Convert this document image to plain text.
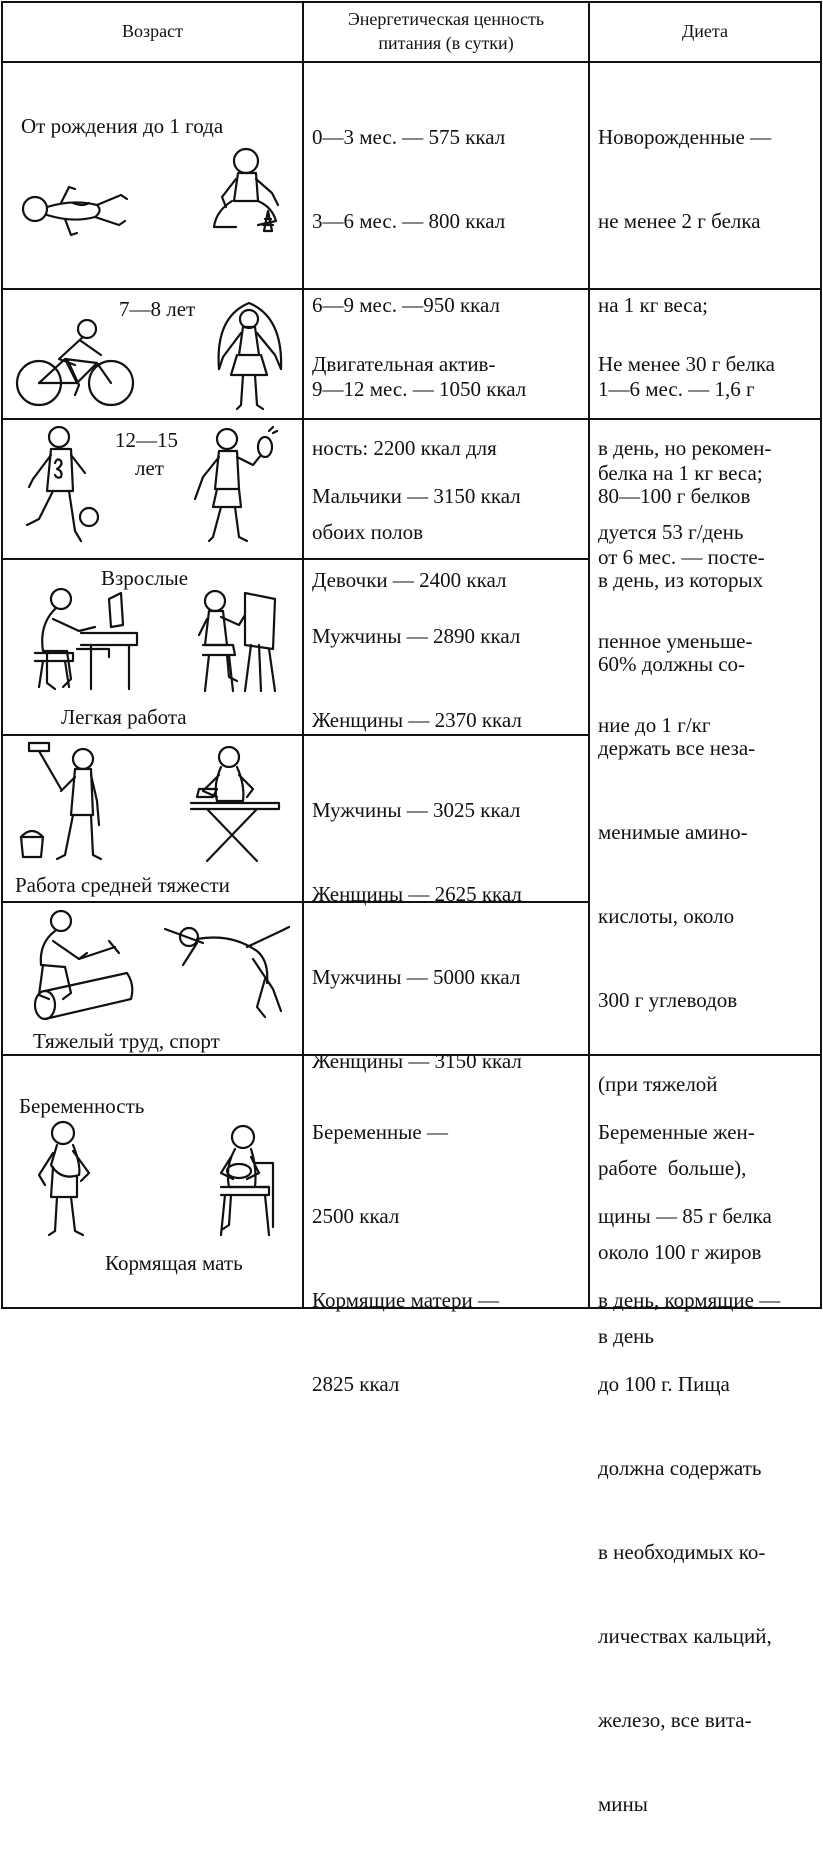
Возраст
Энергетическая ценность
питания (в сутки)
Диета
От рождения до 1 года

	0—3 мес. — 575 ккал

3—6 мес. — 800 ккал

6—9 мес. —950 ккал

9—12 мес. — 1050 ккал

Новорожденные —

не менее 2 г белка

на 1 кг веса;

1—6 мес. — 1,6 г

белка на 1 кг веса;

от 6 мес. — посте-

пенное уменьше-

ние до 1 г/кг

7—8 лет

Двигательная актив-

ность: 2200 ккал для

обоих полов

Не менее 30 г белка

в день, но рекомен-

дуется 53 г/день

12—15
лет

Мальчики — 3150 ккал

Девочки — 2400 ккал

80—100 г белков

в день, из которых

60% должны со-

держать все неза-

менимые амино-

кислоты, около

300 г углеводов

(при тяжелой

работе  больше),

около 100 г жиров

в день

Взрослые
Легкая работа

Мужчины — 2890 ккал

Женщины — 2370 ккал

Работа средней тяжести

Мужчины — 3025 ккал

Женщины — 2625 ккал

Тяжелый труд, спорт

Мужчины — 5000 ккал

Женщины — 3150 ккал

Беременность
Кормящая мать

Беременные —

2500 ккал

Кормящие матери —

2825 ккал

Беременные жен-

щины — 85 г белка

в день, кормящие —

до 100 г. Пища

должна содержать

в необходимых ко-

личествах кальций,

железо, все вита-

мины
